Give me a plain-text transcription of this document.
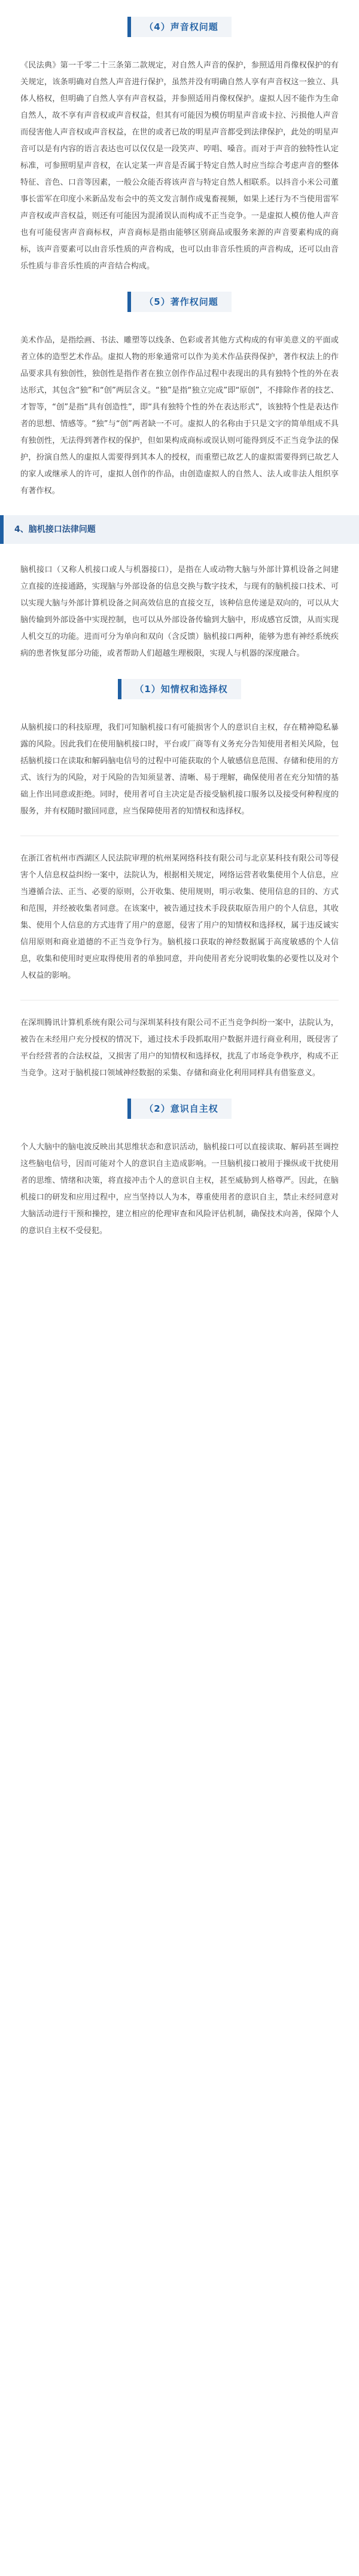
（4）声音权问题

《民法典》第一千零二十三条第二款规定，对自然人声音的保护，参照适用肖像权保护的有关规定，该条明确对自然人声音进行保护，虽然并没有明确自然人享有声音权这一独立、具体人格权，但明确了自然人享有声音权益，并参照适用肖像权保护。虚拟人因不能作为生命自然人，故不享有声音权或声音权益，但其有可能因为模仿明星声音或卡拉、污损他人声音而侵害他人声音权或声音权益，在世的或者已故的明星声音都受到法律保护，此处的明星声音可以是有内容的语言表达也可以仅仅是一段笑声、哼唱、嗓音。而对于声音的独特性认定标准，可参照明星声音权，在认定某一声音是否属于特定自然人时应当综合考虑声音的整体特征、音色、口音等因素，一般公众能否将该声音与特定自然人相联系。以抖音小米公司董事长雷军在印度小米新品发布会中的英文发言制作成鬼畜视频，如果上述行为不当使用雷军声音权或声音权益，则还有可能因为混淆误认而构成不正当竞争。一是虚拟人模仿他人声音也有可能侵害声音商标权，声音商标是指由能够区别商品或服务来源的声音要素构成的商标，该声音要素可以由音乐性质的声音构成，也可以由非音乐性质的声音构成，还可以由音乐性质与非音乐性质的声音结合构成。

（5）著作权问题

美术作品，是指绘画、书法、雕塑等以线条、色彩或者其他方式构成的有审美意义的平面或者立体的造型艺术作品。虚拟人物的形象通常可以作为美术作品获得保护，著作权法上的作品要求具有独创性，独创性是指作者在独立创作作品过程中表现出的具有独特个性的外在表达形式，其包含“独”和“创”两层含义。“独”是指“独立完成”即“原创”，不排除作者的技艺、才智等，“创”是指“具有创造性”，即“具有独特个性的外在表达形式”，该独特个性是表达作者的思想、情感等。“独”与“创”两者缺一不可。虚拟人的名称由于只是文字的简单组成不具有独创性，无法得到著作权的保护，但如果构成商标或误认则可能得到反不正当竞争法的保护，扮演自然人的虚拟人需要得到其本人的授权，而重塑已故艺人的虚拟需要得到已故艺人的家人或继承人的许可，虚拟人创作的作品，由创造虚拟人的自然人、法人或非法人组织享有著作权。

4、脑机接口法律问题

脑机接口（又称人机接口或人与机器接口），是指在人或动物大脑与外部计算机设备之间建立直接的连接通路，实现脑与外部设备的信息交换与数字技术，与现有的脑机接口技术、可以实现大脑与外部计算机设备之间高效信息的直接交互，该种信息传递是双向的，可以从大脑传输到外部设备中实现控制，也可以从外部设备传输到大脑中，形成感官反馈，从而实现人机交互的功能。进而可分为单向和双向（含反馈）脑机接口两种，能够为患有神经系统疾病的患者恢复部分功能，或者帮助人们超越生理极限，实现人与机器的深度融合。

（1）知情权和选择权

从脑机接口的科技原理，我们可知脑机接口有可能损害个人的意识自主权，存在精神隐私暴露的风险。因此我们在使用脑机接口时，平台或厂商等有义务充分告知使用者相关风险，包括脑机接口在读取和解码脑电信号的过程中可能获取的个人敏感信息范围、存储和使用的方式、该行为的风险，对于风险的告知须显著、清晰、易于理解，确保使用者在充分知情的基础上作出同意或拒绝。同时，使用者可自主决定是否接受脑机接口服务以及接受何种程度的服务，并有权随时撤回同意，应当保障使用者的知情权和选择权。

在浙江省杭州市西湖区人民法院审理的杭州某网络科技有限公司与北京某科技有限公司等侵害个人信息权益纠纷一案中，法院认为，根据相关规定，网络运营者收集使用个人信息，应当遵循合法、正当、必要的原则，公开收集、使用规则，明示收集、使用信息的目的、方式和范围，并经被收集者同意。在该案中，被告通过技术手段获取原告用户的个人信息，其收集、使用个人信息的方式违背了用户的意愿，侵害了用户的知情权和选择权，属于违反诚实信用原则和商业道德的不正当竞争行为。脑机接口获取的神经数据属于高度敏感的个人信息，收集和使用时更应取得使用者的单独同意，并向使用者充分说明收集的必要性以及对个人权益的影响。

在深圳腾讯计算机系统有限公司与深圳某科技有限公司不正当竞争纠纷一案中，法院认为，被告在未经用户充分授权的情况下，通过技术手段抓取用户数据并进行商业利用，既侵害了平台经营者的合法权益，又损害了用户的知情权和选择权，扰乱了市场竞争秩序，构成不正当竞争。这对于脑机接口领域神经数据的采集、存储和商业化利用同样具有借鉴意义。

（2）意识自主权

个人大脑中的脑电波反映出其思维状态和意识活动，脑机接口可以直接读取、解码甚至调控这些脑电信号，因而可能对个人的意识自主造成影响。一旦脑机接口被用于操纵或干扰使用者的思维、情绪和决策，将直接冲击个人的意识自主权，甚至威胁到人格尊严。因此，在脑机接口的研发和应用过程中，应当坚持以人为本，尊重使用者的意识自主，禁止未经同意对大脑活动进行干预和操控，建立相应的伦理审查和风险评估机制，确保技术向善，保障个人的意识自主权不受侵犯。
